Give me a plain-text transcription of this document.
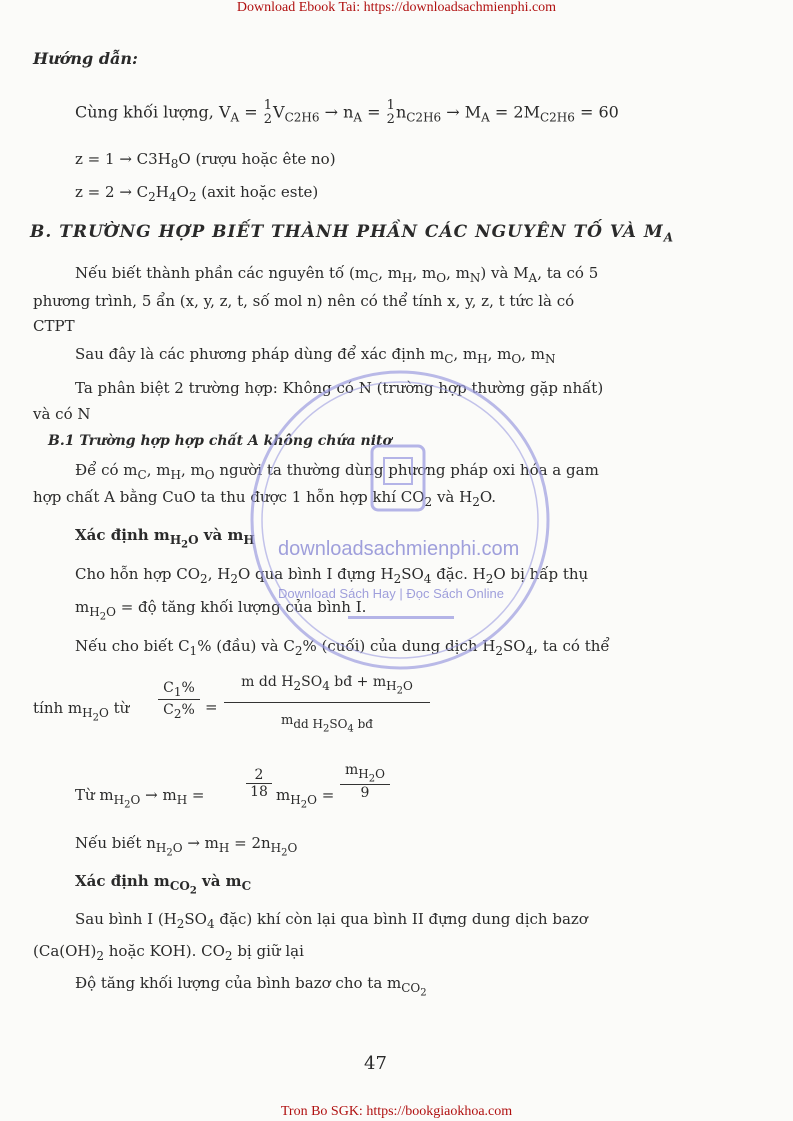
Download Ebook Tai: https://downloadsachmienphi.com
Hướng dẫn:
Cùng khối lượng, $V_A = 1$
2 $V_{C2H6} \to n_A = 1$
2 $n_{C2H6} \to M_A = 2M_{C2H6} = 60$
$z = 1 \to C3H_8O$ (rượu hoặc ête no)
$z = 2 \to C_2H_4O_2$ (axit hoặc este)
B. TRƯỜNG HỢP BIẾT THÀNH PHẦN CÁC NGUYÊN TỐ VÀ $M_A$
Nếu biết thành phần các nguyên tố ($m_C$, $m_H$, $m_O$, $m_N$) và $M_A$, ta có 5
phương trình, 5 ẩn (x, y, z, t, số mol n) nên có thể tính x, y, z, t tức là có
CTPT
Sau đây là các phương pháp dùng để xác định $m_C$, $m_H$, $m_O$, $m_N$
Ta phân biệt 2 trường hợp: Không có N (trường hợp thường gặp nhất)
và có N
B.1 Trường hợp hợp chất A không chứa nitơ
Để có $m_C$, $m_H$, $m_O$ người ta thường dùng phương pháp oxi hóa a gam
hợp chất A bằng CuO ta thu được 1 hỗn hợp khí $CO_2$ và $H_2O$.
Xác định $m_{H_2O}$ và $m_H$
Cho hỗn hợp $CO_2$, $H_2O$ qua bình I đựng $H_2SO_4$ đặc. $H_2O$ bị hấp thụ
$m_{H_2O}$ = độ tăng khối lượng của bình I.
Nếu cho biết $C_1\%$ (đầu) và $C_2\%$ (cuối) của dung dịch $H_2SO_4$, ta có thể
tính $m_{H_2O}$ từ
$C_1\%$
$C_2\%$ =
m dd $H_2SO_4$ bđ + $m_{H_2O}$
$m_{dd H_2SO_4 bđ}$
Từ $m_{H_2O} \to m_H$ =
2
18 $m_{H_2O}$ =
$m_{H_2O}$
9
Nếu biết $n_{H_2O} \to m_H = 2n_{H_2O}$
Xác định $m_{CO_2}$ và $m_C$
Sau bình I ($H_2SO_4$ đặc) khí còn lại qua bình II đựng dung dịch bazơ
($Ca(OH)_2$ hoặc KOH). $CO_2$ bị giữ lại
Độ tăng khối lượng của bình bazơ cho ta $m_{CO_2}$
47
Tron Bo SGK: https://bookgiaokhoa.com
downloadsachmienphi.com
Download Sách Hay | Đọc Sách Online
